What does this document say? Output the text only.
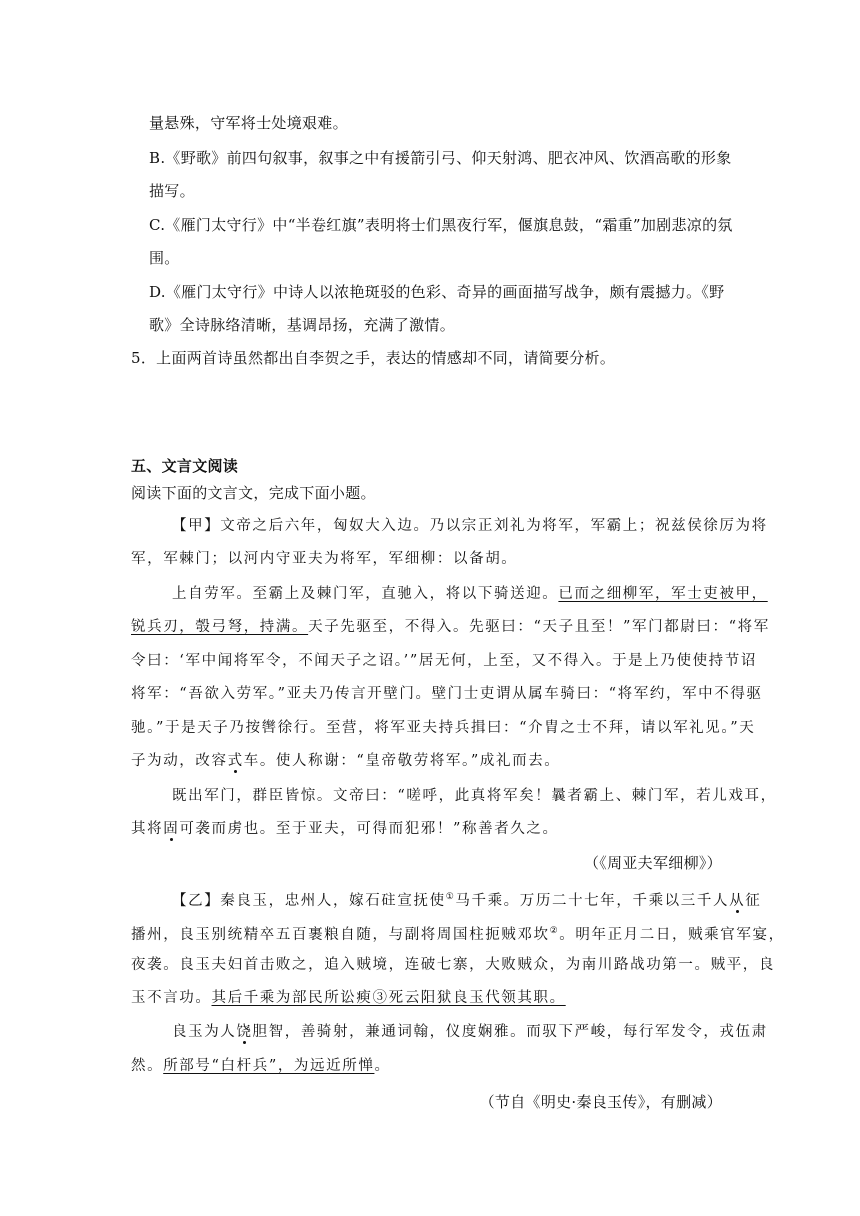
量悬殊，守军将士处境艰难。
B.《野歌》前四句叙事，叙事之中有援箭引弓、仰天射鸿、肥衣冲风、饮酒高歌的形象
描写。
C.《雁门太守行》中“半卷红旗”表明将士们黑夜行军，偃旗息鼓，“霜重”加剧悲凉的氛
围。
D.《雁门太守行》中诗人以浓艳斑驳的色彩、奇异的画面描写战争，颇有震撼力。《野
歌》全诗脉络清晰，基调昂扬，充满了激情。
5．上面两首诗虽然都出自李贺之手，表达的情感却不同，请简要分析。
五、文言文阅读
阅读下面的文言文，完成下面小题。
【甲】文帝之后六年，匈奴大入边。乃以宗正刘礼为将军，军霸上；祝兹侯徐厉为将
军，军棘门；以河内守亚夫为将军，军细柳：以备胡。
上自劳军。至霸上及棘门军，直驰入，将以下骑送迎。已而之细柳军，军士吏被甲，
锐兵刃，彀弓弩，持满。天子先驱至，不得入。先驱曰：“天子且至！”军门都尉曰：“将军
令曰：‘军中闻将军令，不闻天子之诏。’”居无何，上至，又不得入。于是上乃使使持节诏
将军：“吾欲入劳军。”亚夫乃传言开壁门。壁门士吏谓从属车骑曰：“将军约，军中不得驱
驰。”于是天子乃按辔徐行。至营，将军亚夫持兵揖曰：“介胄之士不拜，请以军礼见。”天
子为动，改容式车。使人称谢：“皇帝敬劳将军。”成礼而去。
既出军门，群臣皆惊。文帝曰：“嗟呼，此真将军矣！曩者霸上、棘门军，若儿戏耳，
其将固可袭而虏也。至于亚夫，可得而犯邪！”称善者久之。
（《周亚夫军细柳》）
【乙】秦良玉，忠州人，嫁石砫宣抚使①马千乘。万历二十七年，千乘以三千人从征
播州，良玉别统精卒五百裹粮自随，与副将周国柱扼贼邓坎②。明年正月二日，贼乘官军宴，
夜袭。良玉夫妇首击败之，追入贼境，连破七寨，大败贼众，为南川路战功第一。贼平，良
玉不言功。其后千乘为部民所讼瘐③死云阳狱良玉代领其职。
良玉为人饶胆智，善骑射，兼通词翰，仪度娴雅。而驭下严峻，每行军发令，戎伍肃
然。所部号“白杆兵”，为远近所惮。
（节自《明史·秦良玉传》，有删减）
